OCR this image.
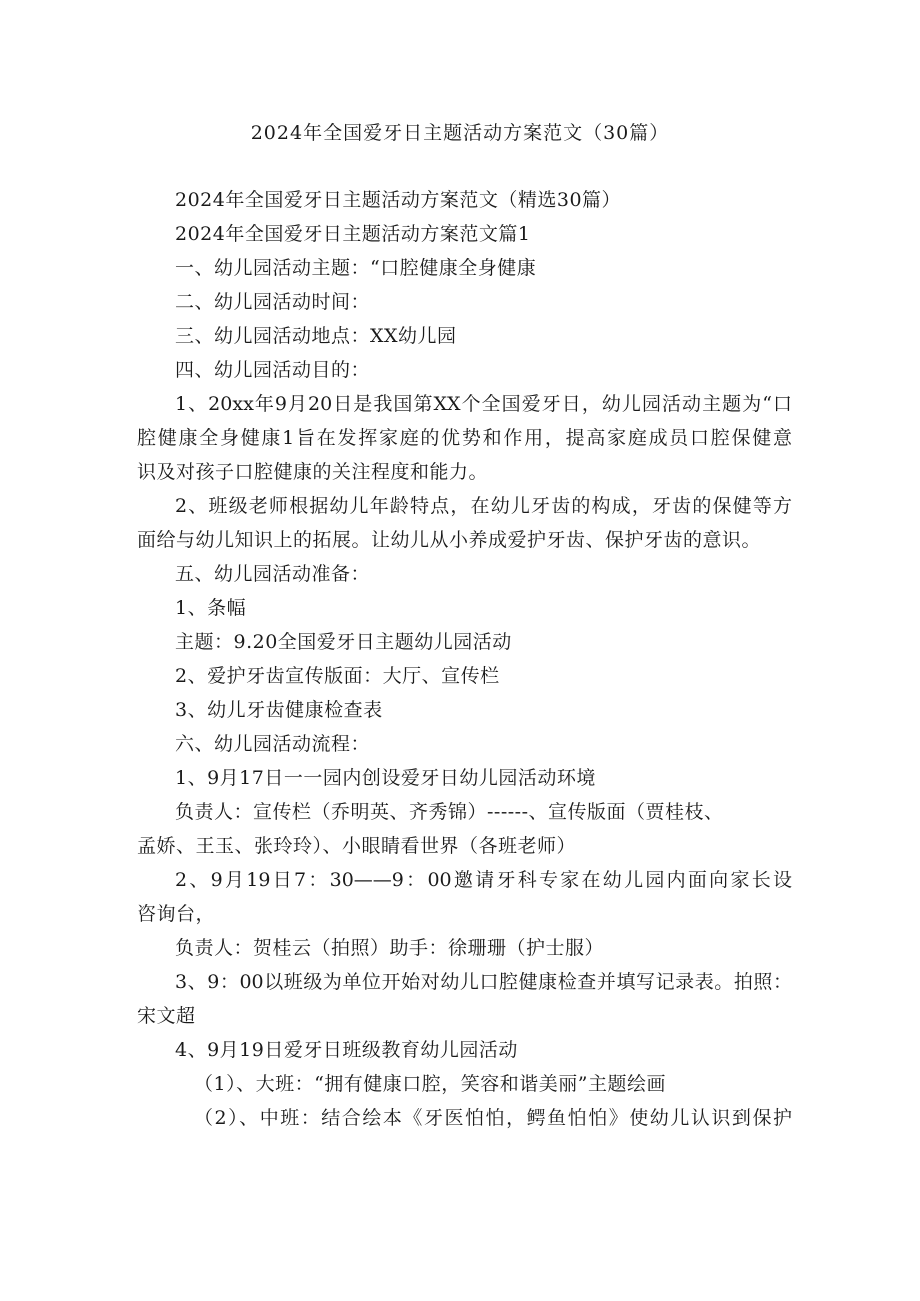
2024年全国爱牙日主题活动方案范文（30篇）
2024年全国爱牙日主题活动方案范文（精选30篇）
2024年全国爱牙日主题活动方案范文篇1
一、幼儿园活动主题：“口腔健康全身健康
二、幼儿园活动时间：
三、幼儿园活动地点：XX幼儿园
四、幼儿园活动目的：
1、20xx年9月20日是我国第XX个全国爱牙日，幼儿园活动主题为“口
腔健康全身健康1旨在发挥家庭的优势和作用，提高家庭成员口腔保健意
识及对孩子口腔健康的关注程度和能力。
2、班级老师根据幼儿年龄特点，在幼儿牙齿的构成，牙齿的保健等方
面给与幼儿知识上的拓展。让幼儿从小养成爱护牙齿、保护牙齿的意识。
五、幼儿园活动准备：
1、条幅
主题：9.20全国爱牙日主题幼儿园活动
2、爱护牙齿宣传版面：大厅、宣传栏
3、幼儿牙齿健康检查表
六、幼儿园活动流程：
1、9月17日一一园内创设爱牙日幼儿园活动环境
负责人：宣传栏（乔明英、齐秀锦）------、宣传版面（贾桂枝、
孟娇、王玉、张玲玲）、小眼睛看世界（各班老师）
2、9月19日7：30——9：00邀请牙科专家在幼儿园内面向家长设
咨询台，
负责人：贺桂云（拍照）助手：徐珊珊（护士服）
3、9：00以班级为单位开始对幼儿口腔健康检查并填写记录表。拍照：
宋文超
4、9月19日爱牙日班级教育幼儿园活动
（1）、大班：“拥有健康口腔，笑容和谐美丽”主题绘画
（2）、中班：结合绘本《牙医怕怕，鳄鱼怕怕》使幼儿认识到保护
